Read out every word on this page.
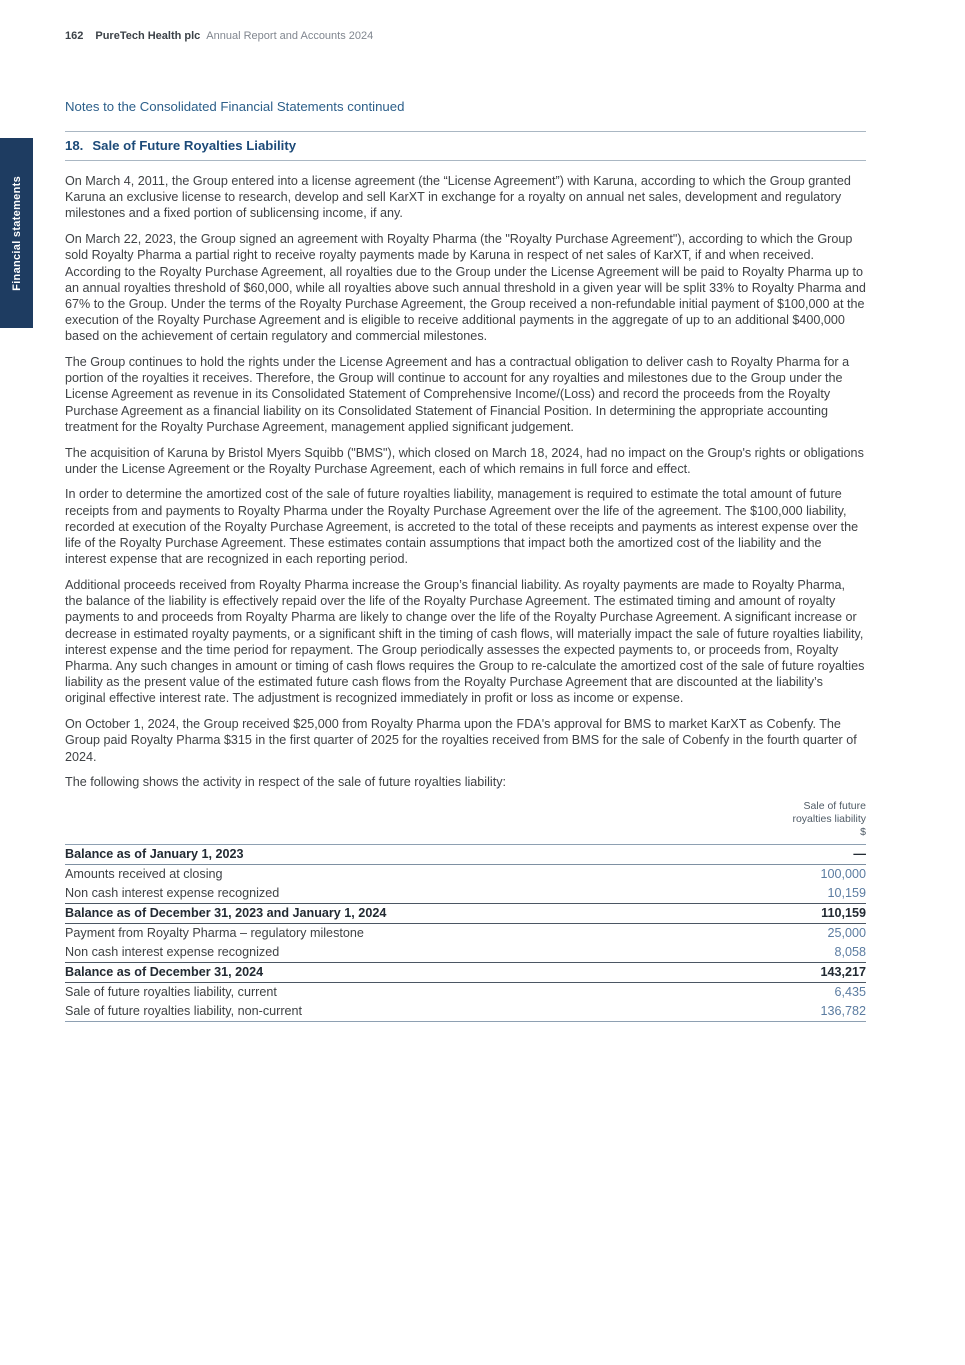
Financial statements
162 PureTech Health plc Annual Report and Accounts 2024
Notes to the Consolidated Financial Statements continued
18. Sale of Future Royalties Liability

On March 4, 2011, the Group entered into a license agreement (the “License Agreement”) with Karuna, according to which the Group granted Karuna an exclusive license to research, develop and sell KarXT in exchange for a royalty on annual net sales, development and regulatory milestones and a fixed portion of sublicensing income, if any.

On March 22, 2023, the Group signed an agreement with Royalty Pharma (the "Royalty Purchase Agreement"), according to which the Group sold Royalty Pharma a partial right to receive royalty payments made by Karuna in respect of net sales of KarXT, if and when received. According to the Royalty Purchase Agreement, all royalties due to the Group under the License Agreement will be paid to Royalty Pharma up to an annual royalties threshold of $60,000, while all royalties above such annual threshold in a given year will be split 33% to Royalty Pharma and 67% to the Group. Under the terms of the Royalty Purchase Agreement, the Group received a non-refundable initial payment of $100,000 at the execution of the Royalty Purchase Agreement and is eligible to receive additional payments in the aggregate of up to an additional $400,000 based on the achievement of certain regulatory and commercial milestones.

The Group continues to hold the rights under the License Agreement and has a contractual obligation to deliver cash to Royalty Pharma for a portion of the royalties it receives. Therefore, the Group will continue to account for any royalties and milestones due to the Group under the License Agreement as revenue in its Consolidated Statement of Comprehensive Income/(Loss) and record the proceeds from the Royalty Purchase Agreement as a financial liability on its Consolidated Statement of Financial Position. In determining the appropriate accounting treatment for the Royalty Purchase Agreement, management applied significant judgement.

The acquisition of Karuna by Bristol Myers Squibb ("BMS"), which closed on March 18, 2024, had no impact on the Group's rights or obligations under the License Agreement or the Royalty Purchase Agreement, each of which remains in full force and effect.

In order to determine the amortized cost of the sale of future royalties liability, management is required to estimate the total amount of future receipts from and payments to Royalty Pharma under the Royalty Purchase Agreement over the life of the agreement. The $100,000 liability, recorded at execution of the Royalty Purchase Agreement, is accreted to the total of these receipts and payments as interest expense over the life of the Royalty Purchase Agreement. These estimates contain assumptions that impact both the amortized cost of the liability and the interest expense that are recognized in each reporting period.

Additional proceeds received from Royalty Pharma increase the Group’s financial liability. As royalty payments are made to Royalty Pharma, the balance of the liability is effectively repaid over the life of the Royalty Purchase Agreement. The estimated timing and amount of royalty payments to and proceeds from Royalty Pharma are likely to change over the life of the Royalty Purchase Agreement. A significant increase or decrease in estimated royalty payments, or a significant shift in the timing of cash flows, will materially impact the sale of future royalties liability, interest expense and the time period for repayment. The Group periodically assesses the expected payments to, or proceeds from, Royalty Pharma. Any such changes in amount or timing of cash flows requires the Group to re-calculate the amortized cost of the sale of future royalties liability as the present value of the estimated future cash flows from the Royalty Purchase Agreement that are discounted at the liability’s original effective interest rate. The adjustment is recognized immediately in profit or loss as income or expense.

On October 1, 2024, the Group received $25,000 from Royalty Pharma upon the FDA's approval for BMS to market KarXT as Cobenfy. The Group paid Royalty Pharma $315 in the first quarter of 2025 for the royalties received from BMS for the sale of Cobenfy in the fourth quarter of 2024.

The following shows the activity in respect of the sale of future royalties liability:

Sale of future
royalties liability
$
Balance as of January 1, 2023	—
Amounts received at closing	100,000
Non cash interest expense recognized	10,159
Balance as of December 31, 2023 and January 1, 2024	110,159
Payment from Royalty Pharma – regulatory milestone	25,000
Non cash interest expense recognized	8,058
Balance as of December 31, 2024	143,217
Sale of future royalties liability, current	6,435
Sale of future royalties liability, non-current	136,782
